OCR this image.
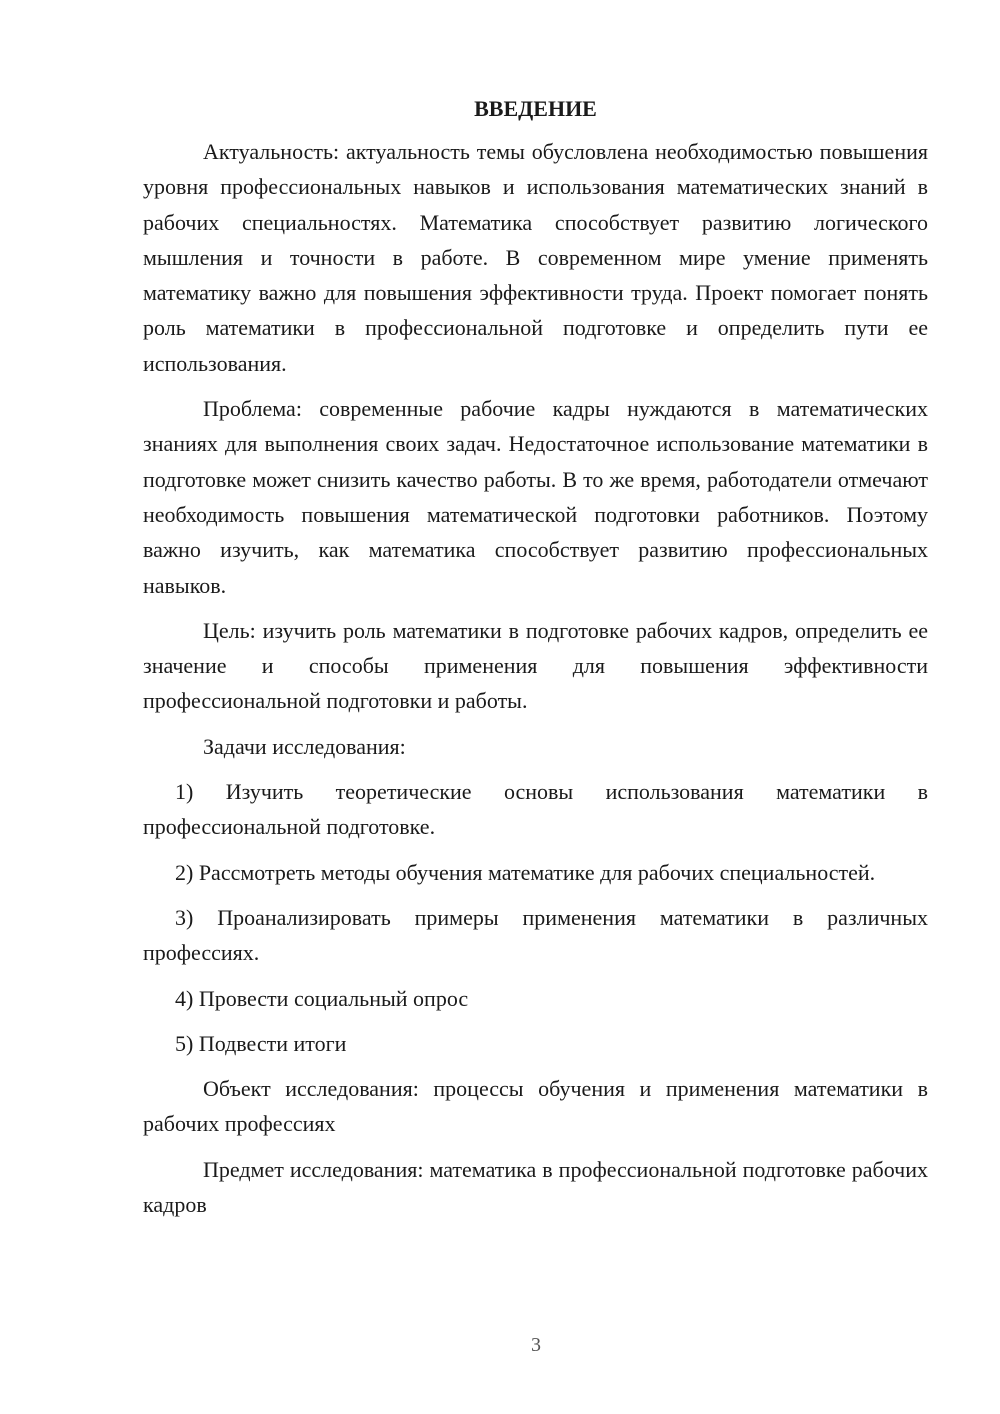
ВВЕДЕНИЕ
Актуальность: актуальность темы обусловлена необходимостью повышения уровня профессиональных навыков и использования математических знаний в рабочих специальностях. Математика способствует развитию логического мышления и точности в работе. В современном мире умение применять математику важно для повышения эффективности труда. Проект помогает понять роль математики в профессиональной подготовке и определить пути ее использования.
Проблема: современные рабочие кадры нуждаются в математических знаниях для выполнения своих задач. Недостаточное использование математики в подготовке может снизить качество работы. В то же время, работодатели отмечают необходимость повышения математической подготовки работников. Поэтому важно изучить, как математика способствует развитию профессиональных навыков.
Цель: изучить роль математики в подготовке рабочих кадров, определить ее значение и способы применения для повышения эффективности профессиональной подготовки и работы.
Задачи исследования:
1) Изучить теоретические основы использования математики в профессиональной подготовке.
2) Рассмотреть методы обучения математике для рабочих специальностей.
3) Проанализировать примеры применения математики в различных профессиях.
4) Провести социальный опрос
5) Подвести итоги
Объект исследования: процессы обучения и применения математики в рабочих профессиях
Предмет исследования: математика в профессиональной подготовке рабочих кадров
3
